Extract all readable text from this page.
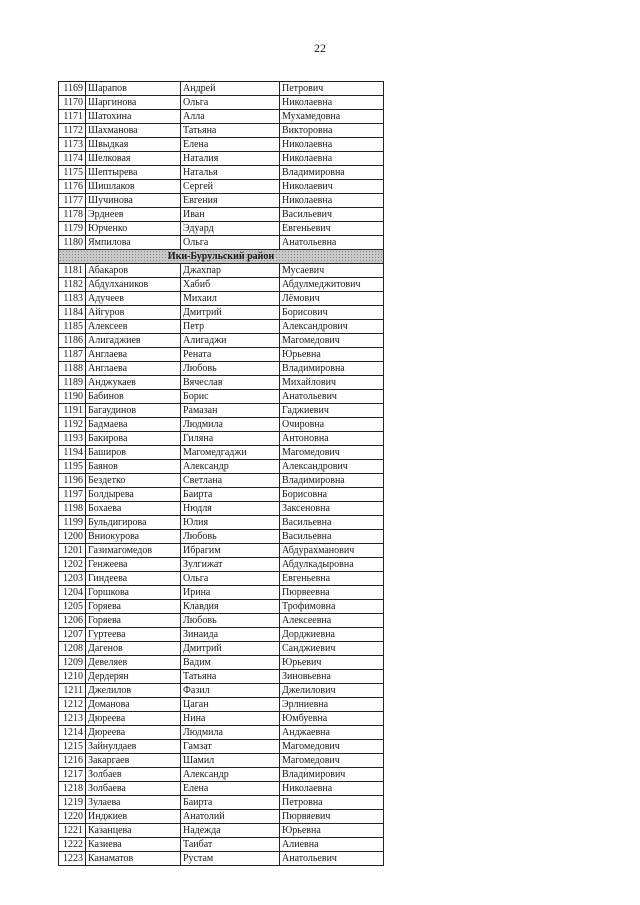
22
1169 Шарапов	Андрей	Петрович
1170 Шаргинова	Ольга	Николаевна
1171 Шатохина	Алла	Мухамедовна
1172 Шахманова	Татьяна	Викторовна
1173 Швыдкая	Елена	Николаевна
1174 Шелковая	Наталия	Николаевна
1175 Шептырева	Наталья	Владимировна
1176 Шишлаков	Сергей	Николаевич
1177 Шучинова	Евгения	Николаевна
1178 Эрднеев	Иван	Васильевич
1179 Юрченко	Эдуард	Евгеньевич
1180 Ямпилова	Ольга	Анатольевна
Ики-Бурульский район
1181 Абакаров	Джахпар	Мусаевич
1182 Абдулхаников	Хабиб	Абдулмеджитович
1183 Адучеев	Михаил	Лёмович
1184 Айгуров	Дмитрий	Борисович
1185 Алексеев	Петр	Александрович
1186 Алигаджиев	Алигаджи	Магомедович
1187 Англаева	Рената	Юрьевна
1188 Англаева	Любовь	Владимировна
1189 Анджукаев	Вячеслав	Михайлович
1190 Бабинов	Борис	Анатольевич
1191 Багаудинов	Рамазан	Гаджиевич
1192 Бадмаева	Людмила	Очировна
1193 Бакирова	Гиляна	Антоновна
1194 Баширов	Магомедгаджи	Магомедович
1195 Баянов	Александр	Александрович
1196 Бездетко	Светлана	Владимировна
1197 Болдырева	Баирта	Борисовна
1198 Бохаева	Нюдля	Заксеновна
1199 Бульдигирова	Юлия	Васильевна
1200 Вниокурова	Любовь	Васильевна
1201 Газимагомедов	Ибрагим	Абдурахманович
1202 Генжеева	Зулгижат	Абдулкадыровна
1203 Гиндеева	Ольга	Евгеньевна
1204 Горшкова	Ирина	Пюрвеевна
1205 Горяева	Клавдия	Трофимовна
1206 Горяева	Любовь	Алексеевна
1207 Гуртеева	Зинаида	Дорджиевна
1208 Дагенов	Дмитрий	Санджиевич
1209 Девеляев	Вадим	Юрьевич
1210 Дердерян	Татьяна	Зиновьевна
1211 Джелилов	Фазил	Джелилович
1212 Доманова	Цаган	Эрлниевна
1213 Дюреева	Нина	Юмбуевна
1214 Дюреева	Людмила	Анджаевна
1215 Зайнулдаев	Гамзат	Магомедович
1216 Закаргаев	Шамил	Магомедович
1217 Золбаев	Александр	Владимирович
1218 Золбаева	Елена	Николаевна
1219 Зулаева	Баирта	Петровна
1220 Инджиев	Анатолий	Пюрвяевич
1221 Казанцева	Надежда	Юрьевна
1222 Казиева	Таибат	Алиевна
1223 Канаматов	Рустам	Анатольевич
